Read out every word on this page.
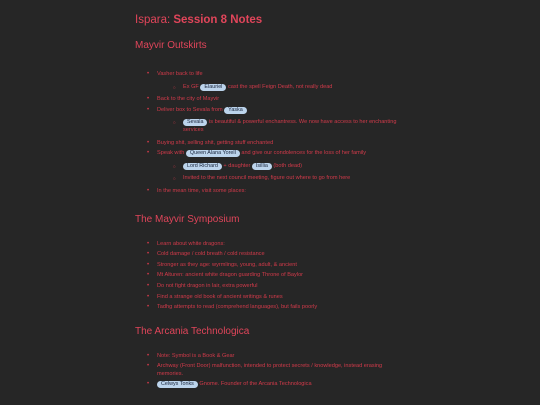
Ispara: Session 8 Notes
Mayvir Outskirts
• Vasher back to life
○ Ex GF Elauriel cast the spell Feign Death, not really dead
• Back to the city of Mayvir
• Deliver box to Sevala from Yaska
○ Sevala is beautiful & powerful enchantress. We now have access to her enchanting services
• Buying shit, selling shit, getting stuff enchanted
• Speak with Queen Alana Yorell and give our condolences for the loss of her family
○ Lord Richard + daughter Isillia (both dead)
○ Invited to the next council meeting, figure out where to go from here
• In the mean time, visit some places:
The Mayvir Symposium
• Learn about white dragons:
• Cold damage / cold breath / cold resistance
• Stronger as they age: wyrmlings, young, adult, & ancient
• Mt Alturen: ancient white dragon guarding Throne of Baylor
• Do not fight dragon in lair, extra powerful
• Find a strange old book of ancient writings & runes
• Tadhg attempts to read (comprehend languages), but fails poorly
The Arcania Technologica
• Note: Symbol is a Book & Gear
• Archway (Front Door) malfunction, intended to protect secrets / knowledge, instead erasing memories.
• Celwys Tonks Gnome. Founder of the Arcania Technologica
